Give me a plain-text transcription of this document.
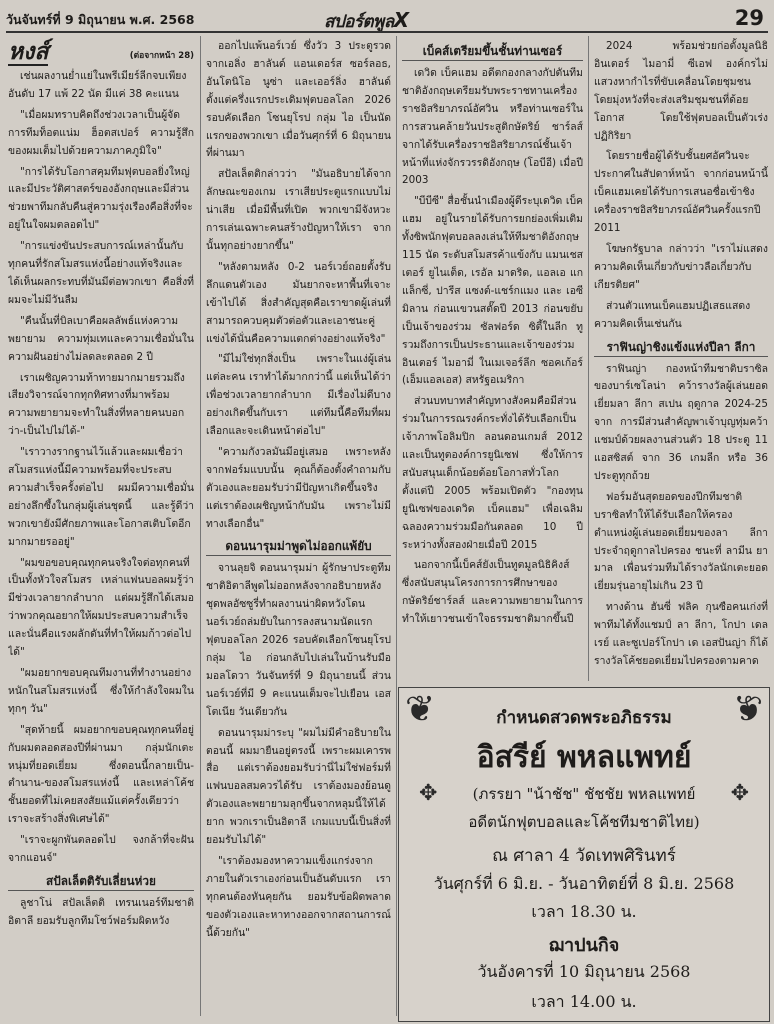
วันจันทร์ที่ 9 มิถุนายน พ.ศ. 2568	สปอร์ตพูลX	29
หงส์	(ต่อจากหน้า 28)

เช่นผลงานย่ำแย่ในพรีเมียร์ลีกจบเพียงอันดับ 17 แพ้ 22 นัด มีแค่ 38 คะแนน

"เมื่อผมทราบคิดถึงช่วงเวลาเป็นผู้จัดการทีมท็อตแน่ม ฮ็อตสเปอร์ ความรู้สึกของผมเต็มไปด้วยความภาคภูมิใจ"

"การได้รับโอกาสคุมทีมฟุตบอลยิ่งใหญ่และมีประวัติศาสตร์ของอังกฤษและมีส่วนช่วยพาทีมกลับคืนสู่ความรุ่งเรืองคือสิ่งที่จะอยู่ในใจผมตลอดไป"

"การแข่งขันประสบการณ์เหล่านั้นกับทุกคนที่รักสโมสรแห่งนี้อย่างแท้จริงและได้เห็นผลกระทบที่มันมีต่อพวกเขา คือสิ่งที่ผมจะไม่มีวันลืม

"คืนนั้นที่บิลเบาคือผลลัพธ์แห่งความพยายาม ความทุ่มเทและความเชื่อมั่นในความฝันอย่างไม่ลดละตลอด 2 ปี

เราเผชิญความท้าทายมากมายรวมถึงเสียงวิจารณ์จากทุกทิศทางที่มาพร้อมความพยายามจะทำในสิ่งที่หลายคนบอกว่า-เป็นไปไม่ได้-"

"เราวางรากฐานไว้แล้วและผมเชื่อว่าสโมสรแห่งนี้มีความพร้อมที่จะประสบความสำเร็จครั้งต่อไป ผมมีความเชื่อมั่นอย่างลึกซึ้งในกลุ่มผู้เล่นชุดนี้ และรู้ดีว่าพวกเขายังมีศักยภาพและโอกาสเติบโตอีกมากมายรออยู่"

"ผมขอขอบคุณทุกคนจริงใจต่อทุกคนที่เป็นทั้งหัวใจสโมสร เหล่าแฟนบอลผมรู้ว่ามีช่วงเวลายากลำบาก แต่ผมรู้สึกได้เสมอว่าพวกคุณอยากให้ผมประสบความสำเร็จ และนั่นคือแรงผลักดันที่ทำให้ผมก้าวต่อไปได้"

"ผมอยากขอบคุณทีมงานที่ทำงานอย่างหนักในสโมสรแห่งนี้ ซึ่งให้กำลังใจผมในทุกๆ วัน"

"สุดท้ายนี้ ผมอยากขอบคุณทุกคนที่อยู่กับผมตลอดสองปีที่ผ่านมา กลุ่มนักเตะหนุ่มที่ยอดเยี่ยม ซึ่งตอนนี้กลายเป็น-ตำนาน-ของสโมสรแห่งนี้ และเหล่าโค้ชชั้นยอดที่ไม่เคยสงสัยแม้แต่ครั้งเดียวว่าเราจะสร้างสิ่งพิเศษได้"

"เราจะผูกพันตลอดไป จงกล้าที่จะฝัน จากแอนจ์"

สปัลเล็ตติรับเลี่ยนห่วย

ลูชาโน่ สปัลเล็ตติ เทรนเนอร์ทีมชาติอิตาลี ยอมรับลูกทีมโชว์ฟอร์มผิดหวัง

ออกไปแพ้นอร์เวย์ ซึ่งวัว 3 ประตูรวดจากเอลิ่ง ฮาลันด์ แอนเดอร์ส ซอร์ลอธ, อันโตนิโอ นูซ่า และเออร์ลิ่ง ฮาลันด์ ตั้งแต่ครึ่งแรกประเดิมฟุตบอลโลก 2026 รอบคัดเลือก โซนยุโรป กลุ่ม ไอ เป็นนัดแรกของพวกเขา เมื่อวันศุกร์ที่ 6 มิถุนายนที่ผ่านมา

สปัลเล็ตติกล่าวว่า "มันอธิบายได้จากลักษณะของเกม เราเสียประตูแรกแบบไม่น่าเสีย เมื่อมีพื้นที่เปิด พวกเขามีจังหวะการเล่นเฉพาะคนสร้างปัญหาให้เรา จากนั้นทุกอย่างยากขึ้น"

"หลังตามหลัง 0-2 นอร์เวย์ถอยตั้งรับลึกแดนตัวเอง มันยากจะหาพื้นที่เจาะเข้าไปได้ สิ่งสำคัญสุดคือเราขาดผู้เล่นที่สามารถควบคุมตัวต่อตัวและเอาชนะคู่แข่งได้นั่นคือความแตกต่างอย่างแท้จริง"

"มีไม่ใช่ทุกสิ่งเป็น เพราะในแง่ผู้เล่นแต่ละคน เราทำได้มากกว่านี้ แต่เห็นได้ว่าเพื่อช่วงเวลายากลำบาก มีเรื่องไม่ดีบางอย่างเกิดขึ้นกับเรา แต่ทีมนี้คือทีมที่ผมเลือกและจะเดินหน้าต่อไป"

"ความกังวลมันมีอยู่เสมอ เพราะหลังจากฟอร์มแบบนั้น คุณก็ต้องตั้งคำถามกับตัวเองและยอมรับว่ามีปัญหาเกิดขึ้นจริง แต่เราต้องเผชิญหน้ากับมัน เพราะไม่มีทางเลือกอื่น"

ดอนนารุมม่าพูดไม่ออกแพ้ยับ

จานลุยจิ ดอนนารุมม่า ผู้รักษาประตูทีมชาติอิตาลีพูดไม่ออกหลังจากอธิบายหลังชุดพลอัซซูรี่ทำผลงานน่าผิดหวังโดนนอร์เวย์ถล่มยับในการลงสนามนัดแรกฟุตบอลโลก 2026 รอบคัดเลือกโซนยุโรป กลุ่ม ไอ ก่อนกลับไปเล่นในบ้านรับมือ มอลโดวา วันจันทร์ที่ 9 มิถุนายนนี้ ส่วนนอร์เวย์ที่มี 9 คะแนนเต็มจะไปเยือน เอสโตเนีย วันเดียวกัน

ดอนนารุมม่าระบุ "ผมไม่มีคำอธิบายในตอนนี้ ผมมายืนอยู่ตรงนี้ เพราะผมเคารพสื่อ แต่เราต้องยอมรับว่านี่ไม่ใช่ฟอร์มที่แฟนบอลสมควรได้รับ เราต้องมองย้อนดูตัวเองและพยายามลุกขึ้นจากหลุมนี้ให้ได้ยาก พวกเราเป็นอิตาลี เกมแบบนี้เป็นสิ่งที่ยอมรับไม่ได้"

"เราต้องมองหาความแข็งแกร่งจากภายในตัวเราเองก่อนเป็นอันดับแรก เราทุกคนต้องหันคุยกัน ยอมรับข้อผิดพลาดของตัวเองและหาทางออกจากสถานการณ์นี้ด้วยกัน"

เบ็คส์เตรียมขึ้นชั้นท่านเซอร์

เดวิด เบ็คแฮม อดีตกองกลางกัปตันทีมชาติอังกฤษเตรียมรับพระราชทานเครื่องราชอิสริยาภรณ์อัศวิน หรือท่านเซอร์ในการสวนคล้ายวันประสูติกษัตริย์ ชาร์ลส์ จากได้รับเครื่องราชอิสริยาภรณ์ชั้นเจ้าหน้าที่แห่งจักรวรรดิอังกฤษ (โอบีอี) เมื่อปี 2003

"บีบีซี" สื่อชั้นนำเมืองผู้ดีระบุเดวิด เบ็คแฮม อยู่ในรายได้รับการยกย่องเพิ่มเติมทั้งซิพนักฟุตบอลลงเล่นให้ทีมชาติอังกฤษ 115 นัด ระดับสโมสรค้าแข้งกับ แมนเชสเตอร์ ยูไนเต็ด, เรอัล มาดริด, แอลเอ แกแล็กซี่, ปารีส แซงต์-แชร์กแมง และ เอซี มิลาน ก่อนแขวนสตั๊ดปี 2013 ก่อนขยับเป็นเจ้าของร่วม ซัลฟอร์ด ซิตี้ในลีก ทู รวมถึงการเป็นประธานและเจ้าของร่วม อินเตอร์ ไมอามี่ ในเมเจอร์ลีก ซอคเก้อร์ (เอ็มแอลเอส) สหรัฐอเมริกา

ส่วนบทบาทสำคัญทางสังคมคือมีส่วนร่วมในการรณรงค์กระทั่งได้รับเลือกเป็นเจ้าภาพโอลิมปิก ลอนดอนเกมส์ 2012 และเป็นทูตองค์การยูนิเซฟ ซึ่งให้การสนับสนุนเด็กน้อยด้อยโอกาสทั่วโลกตั้งแต่ปี 2005 พร้อมเปิดตัว "กองทุนยูนิเซฟของเดวิด เบ็คแฮม" เพื่อเฉลิมฉลองความร่วมมือกันตลอด 10 ปีระหว่างทั้งสองฝ่ายเมื่อปี 2015

นอกจากนี้เบ็คส์ยังเป็นทูตมูลนิธิคิงส์ ซึ่งสนับสนุนโครงการการศึกษาของกษัตริย์ชาร์ลส์ และความพยายามในการทำให้เยาวชนเข้าใจธรรมชาติมากขึ้นปี

2024 พร้อมช่วยก่อตั้งมูลนิธิ อินเตอร์ ไมอามี่ ซีเอฟ องค์กรไม่แสวงหากำไรที่ขับเคลื่อนโดยชุมชน โดยมุ่งหวังที่จะส่งเสริมชุมชนที่ด้อยโอกาส โดยใช้ฟุตบอลเป็นตัวเร่งปฏิกิริยา

โดยรายชื่อผู้ได้รับชั้นยศอัศวินจะประกาศในสัปดาห์หน้า จากก่อนหน้านี้เบ็คแฮมเคยได้รับการเสนอชื่อเข้าชิงเครื่องราชอิสริยาภรณ์อัศวินครั้งแรกปี 2011

โฆษกรัฐบาล กล่าวว่า "เราไม่แสดงความคิดเห็นเกี่ยวกับข่าวลือเกี่ยวกับเกียรติยศ"

ส่วนตัวแทนเบ็คแฮมปฏิเสธแสดงความคิดเห็นเช่นกัน

ราฟินญ่าชิงแข้งแห่งปีลา ลีกา

ราฟินญ่า กองหน้าทีมชาติบราซิลของบาร์เซโลน่า คว้ารางวัลผู้เล่นยอดเยี่ยมลา ลีกา สเปน ฤดูกาล 2024-25 จาก การมีส่วนสำคัญพาเจ้าบุญทุ่มคว้าแชมป์ด้วยผลงานส่วนตัว 18 ประตู 11 แอสซิสต์ จาก 36 เกมลีก หรือ 36 ประตูทุกถ้วย

ฟอร์มอันสุดยอดของปีกทีมชาติบราซิลทำให้ได้รับเลือกให้ครองตำแหน่งผู้เล่นยอดเยี่ยมของลา ลีกา ประจำฤดูกาลไปครอง ชนะที่ ลามีน ยามาล เพื่อนร่วมทีมได้รางวัลนักเตะยอดเยี่ยมรุ่นอายุไม่เกิน 23 ปี

ทางด้าน ฮันซี่ ฟลิค กุนซือคนเก่งที่พาทีมได้ทั้งแชมป์ ลา ลีกา, โกปา เดล เรย์ และซูเปอร์โกปา เด เอสปันญ่า ก็ได้รางวัลโค้ชยอดเยี่ยมไปครองตามคาด

❦	❦
✥	✥
กำหนดสวดพระอภิธรรม
อิสรีย์ พหลแพทย์
(ภรรยา "น้าชัช" ชัชชัย พหลแพทย์
อดีตนักฟุตบอลและโค้ชทีมชาติไทย)
ณ ศาลา 4 วัดเทพศิรินทร์
วันศุกร์ที่ 6 มิ.ย. - วันอาทิตย์ที่ 8 มิ.ย. 2568
เวลา 18.30 น.
ฌาปนกิจ
วันอังคารที่ 10 มิถุนายน 2568
เวลา 14.00 น.
